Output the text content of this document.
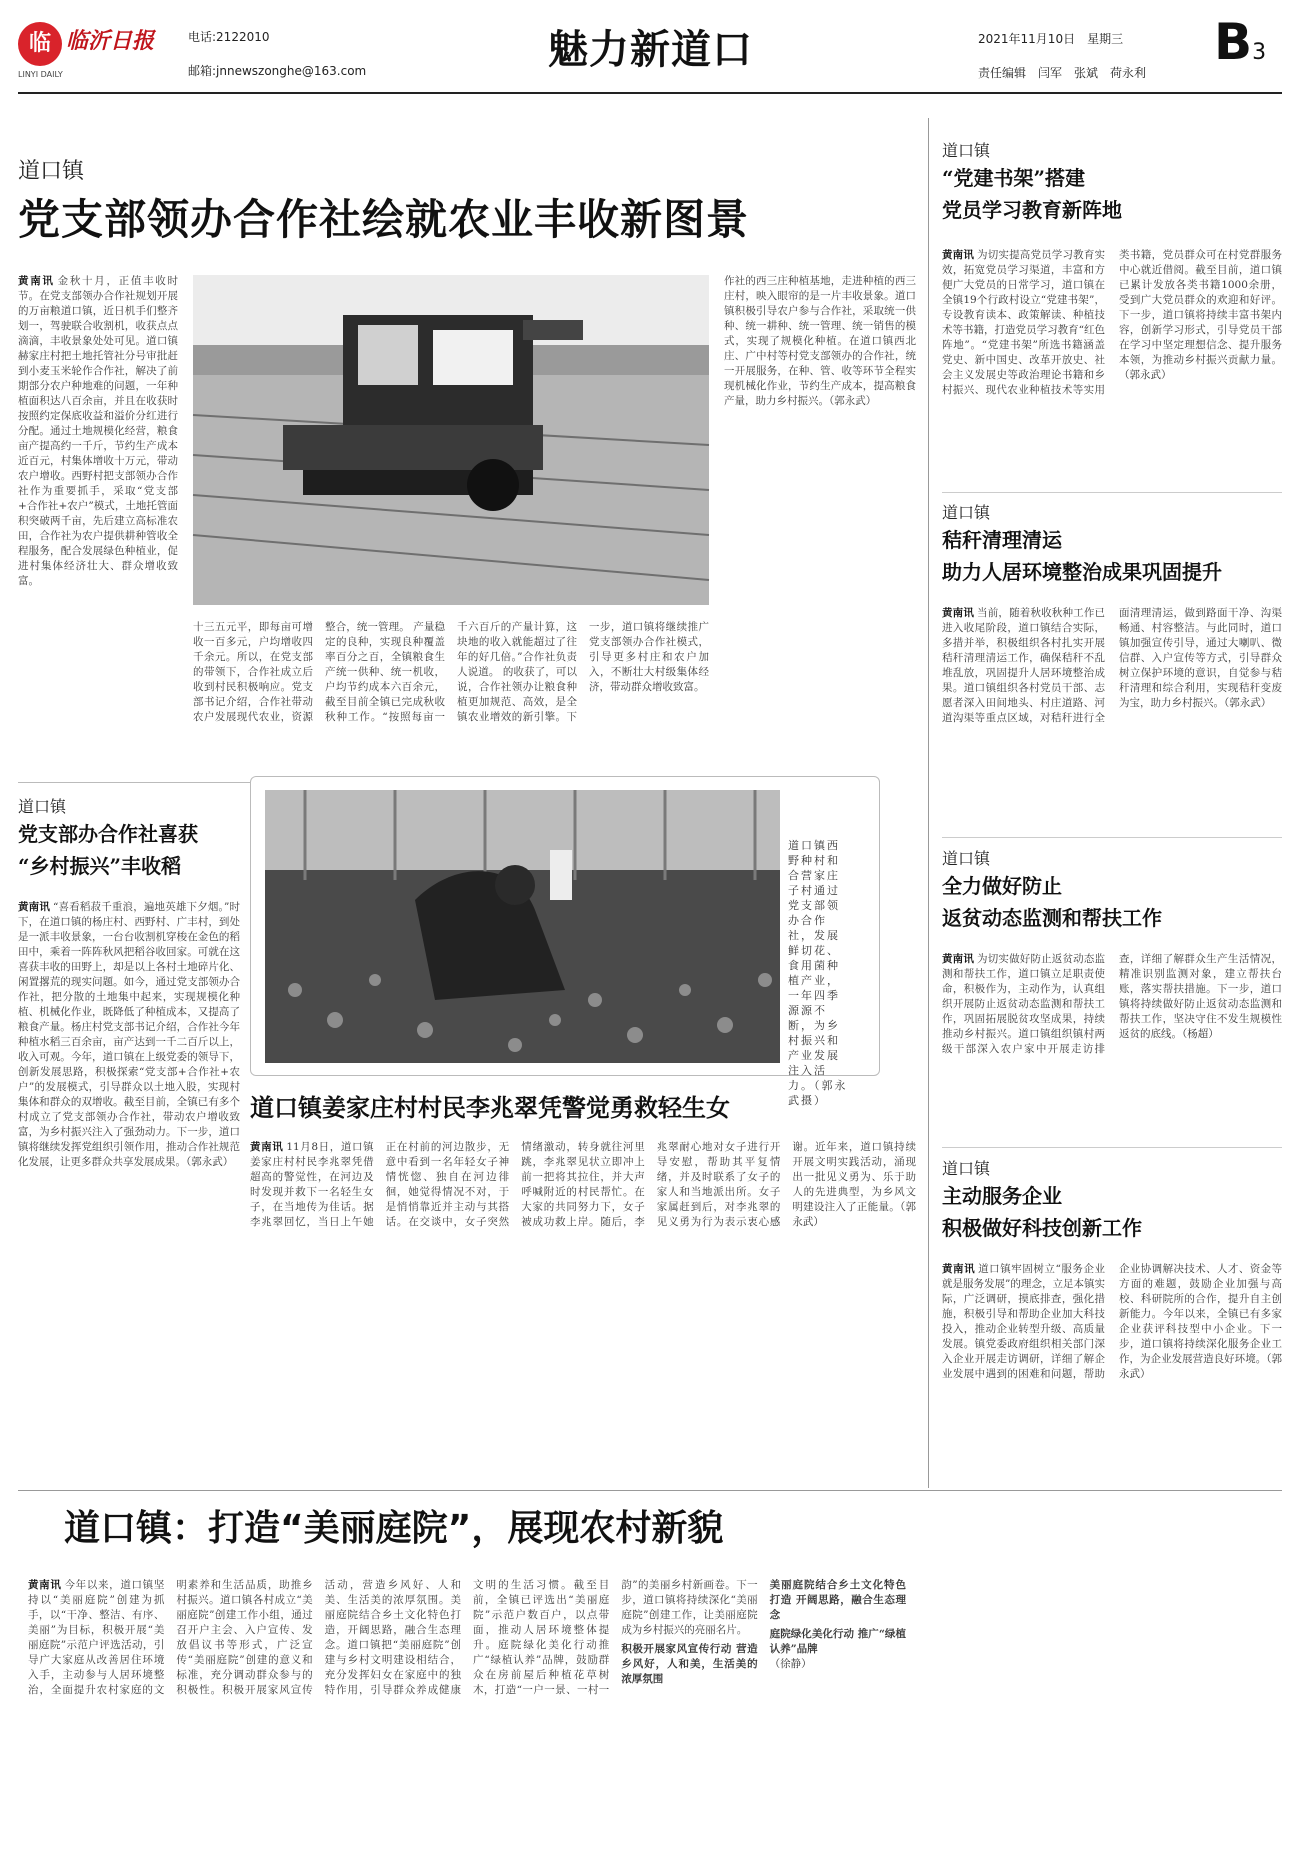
临 临沂日报
LINYI DAILY
电话:2122010
邮箱:jnnewszonghe@163.com	魅力新道口	2021年11月10日　星期三
责任编辑　闫军　张斌　荷永利
B3
道口镇
党支部领办合作社绘就农业丰收新图景
黄南讯 金秋十月，正值丰收时节。在党支部领办合作社规划开展的万亩粮道口镇，近日机手们整齐划一，驾驶联合收割机，收获点点滴滴，丰收景象处处可见。道口镇赫家庄村把土地托管社分号审批赶到小麦玉米轮作合作社，解决了前期部分农户种地难的问题，一年种植面积达八百余亩，并且在收获时按照约定保底收益和溢价分红进行分配。通过土地规模化经营，粮食亩产提高约一千斤，节约生产成本近百元，村集体增收十万元，带动农户增收。西野村把支部领办合作社作为重要抓手，采取“党支部+合作社+农户”模式，土地托管面积突破两千亩，先后建立高标准农田，合作社为农户提供耕种管收全程服务，配合发展绿色种植业，促进村集体经济壮大、群众增收致富。
十三五元平，即每亩可增收一百多元，户均增收四千余元。所以，在党支部的带领下，合作社成立后收到村民积极响应。党支部书记介绍，合作社带动农户发展现代农业，资源整合，统一管理。 产量稳定的良种，实现良种覆盖率百分之百，全镇粮食生产统一供种、统一机收，户均节约成本六百余元，截至目前全镇已完成秋收秋种工作。“按照每亩一千六百斤的产量计算，这块地的收入就能超过了往年的好几倍。”合作社负责人说道。 的收获了，可以说，合作社领办让粮食种植更加规范、高效，是全镇农业增效的新引擎。下一步，道口镇将继续推广党支部领办合作社模式，引导更多村庄和农户加入，不断壮大村级集体经济，带动群众增收致富。
作社的西三庄种植基地，走进种植的西三庄村，映入眼帘的是一片丰收景象。道口镇积极引导农户参与合作社，采取统一供种、统一耕种、统一管理、统一销售的模式，实现了规模化种植。在道口镇西北庄、广中村等村党支部领办的合作社，统一开展服务，在种、管、收等环节全程实现机械化作业，节约生产成本，提高粮食产量，助力乡村振兴。（郭永武）
道口镇
“党建书架”搭建
党员学习教育新阵地
黄南讯 为切实提高党员学习教育实效，拓宽党员学习渠道，丰富和方便广大党员的日常学习，道口镇在全镇19个行政村设立“党建书架”，专设教育读本、政策解读、种植技术等书籍，打造党员学习教育“红色阵地”。“党建书架”所选书籍涵盖党史、新中国史、改革开放史、社会主义发展史等政治理论书籍和乡村振兴、现代农业种植技术等实用类书籍，党员群众可在村党群服务中心就近借阅。截至目前，道口镇已累计发放各类书籍1000余册，受到广大党员群众的欢迎和好评。下一步，道口镇将持续丰富书架内容，创新学习形式，引导党员干部在学习中坚定理想信念、提升服务本领，为推动乡村振兴贡献力量。（郭永武）
道口镇
秸秆清理清运
助力人居环境整治成果巩固提升
黄南讯 当前，随着秋收秋种工作已进入收尾阶段，道口镇结合实际，多措并举，积极组织各村扎实开展秸秆清理清运工作，确保秸秆不乱堆乱放，巩固提升人居环境整治成果。道口镇组织各村党员干部、志愿者深入田间地头、村庄道路、河道沟渠等重点区域，对秸秆进行全面清理清运，做到路面干净、沟渠畅通、村容整洁。与此同时，道口镇加强宣传引导，通过大喇叭、微信群、入户宣传等方式，引导群众树立保护环境的意识，自觉参与秸秆清理和综合利用，实现秸秆变废为宝，助力乡村振兴。（郭永武）
道口镇
全力做好防止
返贫动态监测和帮扶工作
黄南讯 为切实做好防止返贫动态监测和帮扶工作，道口镇立足职责使命，积极作为，主动作为，认真组织开展防止返贫动态监测和帮扶工作，巩固拓展脱贫攻坚成果，持续推动乡村振兴。道口镇组织镇村两级干部深入农户家中开展走访排查，详细了解群众生产生活情况，精准识别监测对象，建立帮扶台账，落实帮扶措施。下一步，道口镇将持续做好防止返贫动态监测和帮扶工作，坚决守住不发生规模性返贫的底线。（杨超）
道口镇
主动服务企业
积极做好科技创新工作
黄南讯 道口镇牢固树立“服务企业就是服务发展”的理念，立足本镇实际，广泛调研，摸底排查，强化措施，积极引导和帮助企业加大科技投入，推动企业转型升级、高质量发展。镇党委政府组织相关部门深入企业开展走访调研，详细了解企业发展中遇到的困难和问题，帮助企业协调解决技术、人才、资金等方面的难题，鼓励企业加强与高校、科研院所的合作，提升自主创新能力。今年以来，全镇已有多家企业获评科技型中小企业。下一步，道口镇将持续深化服务企业工作，为企业发展营造良好环境。（郭永武）
道口镇
党支部办合作社喜获
“乡村振兴”丰收稻
黄南讯 “喜看稻菽千重浪，遍地英雄下夕烟。”时下，在道口镇的杨庄村、西野村、广丰村，到处是一派丰收景象，一台台收割机穿梭在金色的稻田中，乘着一阵阵秋风把稻谷收回家。可就在这喜获丰收的田野上，却是以上各村土地碎片化、闲置撂荒的现实问题。如今，通过党支部领办合作社，把分散的土地集中起来，实现规模化种植、机械化作业，既降低了种植成本，又提高了粮食产量。杨庄村党支部书记介绍，合作社今年种植水稻三百余亩，亩产达到一千二百斤以上，收入可观。今年，道口镇在上级党委的领导下，创新发展思路，积极探索“党支部+合作社+农户”的发展模式，引导群众以土地入股，实现村集体和群众的双增收。截至目前，全镇已有多个村成立了党支部领办合作社，带动农户增收致富，为乡村振兴注入了强劲动力。下一步，道口镇将继续发挥党组织引领作用，推动合作社规范化发展，让更多群众共享发展成果。（郭永武）
道口镇西野种村和合营家庄子村通过党支部领办合作社，发展鲜切花、食用菌种植产业，一年四季源源不断，为乡村振兴和产业发展注入活力。（郭永武摄）
道口镇姜家庄村村民李兆翠凭警觉勇救轻生女
黄南讯 11月8日，道口镇姜家庄村村民李兆翠凭借超高的警觉性，在河边及时发现并救下一名轻生女子，在当地传为佳话。据李兆翠回忆，当日上午她正在村前的河边散步，无意中看到一名年轻女子神情恍惚、独自在河边徘徊，她觉得情况不对，于是悄悄靠近并主动与其搭话。在交谈中，女子突然情绪激动，转身就往河里跳，李兆翠见状立即冲上前一把将其拉住，并大声呼喊附近的村民帮忙。在大家的共同努力下，女子被成功救上岸。随后，李兆翠耐心地对女子进行开导安慰，帮助其平复情绪，并及时联系了女子的家人和当地派出所。女子家属赶到后，对李兆翠的见义勇为行为表示衷心感谢。近年来，道口镇持续开展文明实践活动，涌现出一批见义勇为、乐于助人的先进典型，为乡风文明建设注入了正能量。（郭永武）
道口镇：打造“美丽庭院”，展现农村新貌
黄南讯 今年以来，道口镇坚持以“美丽庭院”创建为抓手，以“干净、整洁、有序、美丽”为目标，积极开展“美丽庭院”示范户评选活动，引导广大家庭从改善居住环境入手，主动参与人居环境整治，全面提升农村家庭的文明素养和生活品质，助推乡村振兴。道口镇各村成立“美丽庭院”创建工作小组，通过召开户主会、入户宣传、发放倡议书等形式，广泛宣传“美丽庭院”创建的意义和标准，充分调动群众参与的积极性。积极开展家风宣传活动，营造乡风好、人和美、生活美的浓厚氛围。美丽庭院结合乡土文化特色打造，开阔思路，融合生态理念。道口镇把“美丽庭院”创建与乡村文明建设相结合，充分发挥妇女在家庭中的独特作用，引导群众养成健康文明的生活习惯。截至目前，全镇已评选出“美丽庭院”示范户数百户，以点带面，推动人居环境整体提升。庭院绿化美化行动推广“绿植认养”品牌，鼓励群众在房前屋后种植花草树木，打造“一户一景、一村一韵”的美丽乡村新画卷。下一步，道口镇将持续深化“美丽庭院”创建工作，让美丽庭院成为乡村振兴的亮丽名片。
积极开展家风宣传行动 营造乡风好，人和美，生活美的浓厚氛围
美丽庭院结合乡土文化特色打造 开阔思路，融合生态理念
庭院绿化美化行动 推广“绿植认养”品牌
（徐静）
